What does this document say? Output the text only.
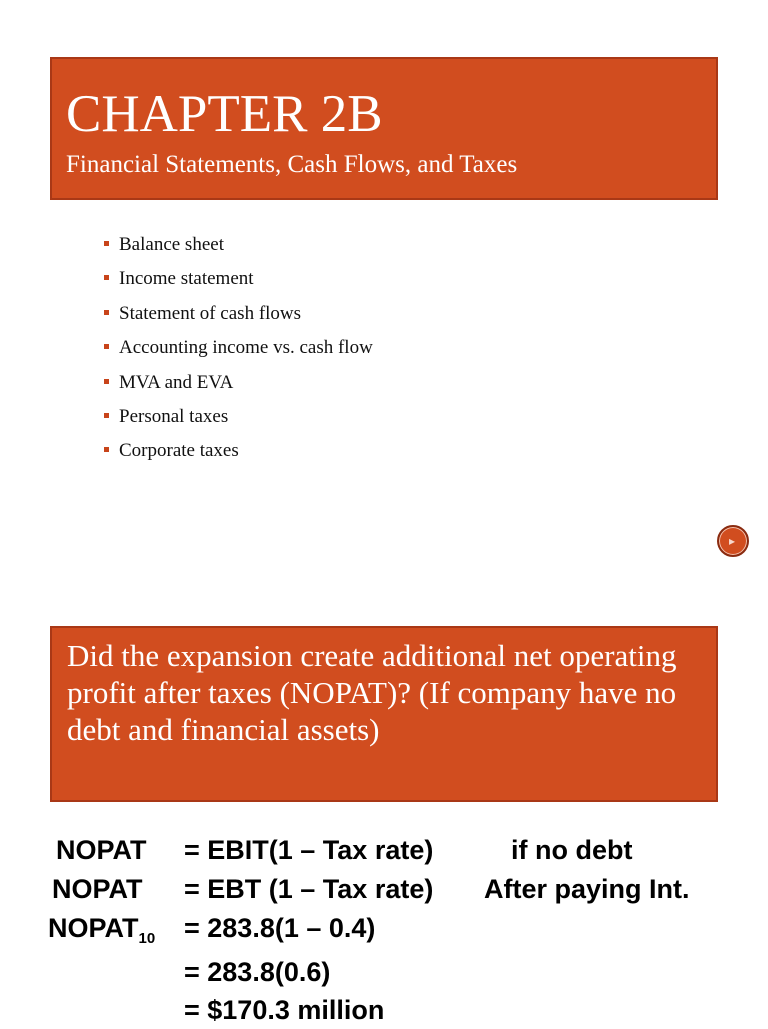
CHAPTER 2B
Financial Statements, Cash Flows, and Taxes
Balance sheet
Income statement
Statement of cash flows
Accounting income vs. cash flow
MVA and EVA
Personal taxes
Corporate taxes
▸
Did the expansion create additional net operating profit after taxes (NOPAT)? (If company have no debt and financial assets)
NOPAT = EBIT(1 – Tax rate)	if no debt
NOPAT = EBT (1 – Tax rate) After paying Int.
$NOPAT_{10} = 283.8(1 - 0.4)$
= 283.8(0.6)
= $170.3 million
